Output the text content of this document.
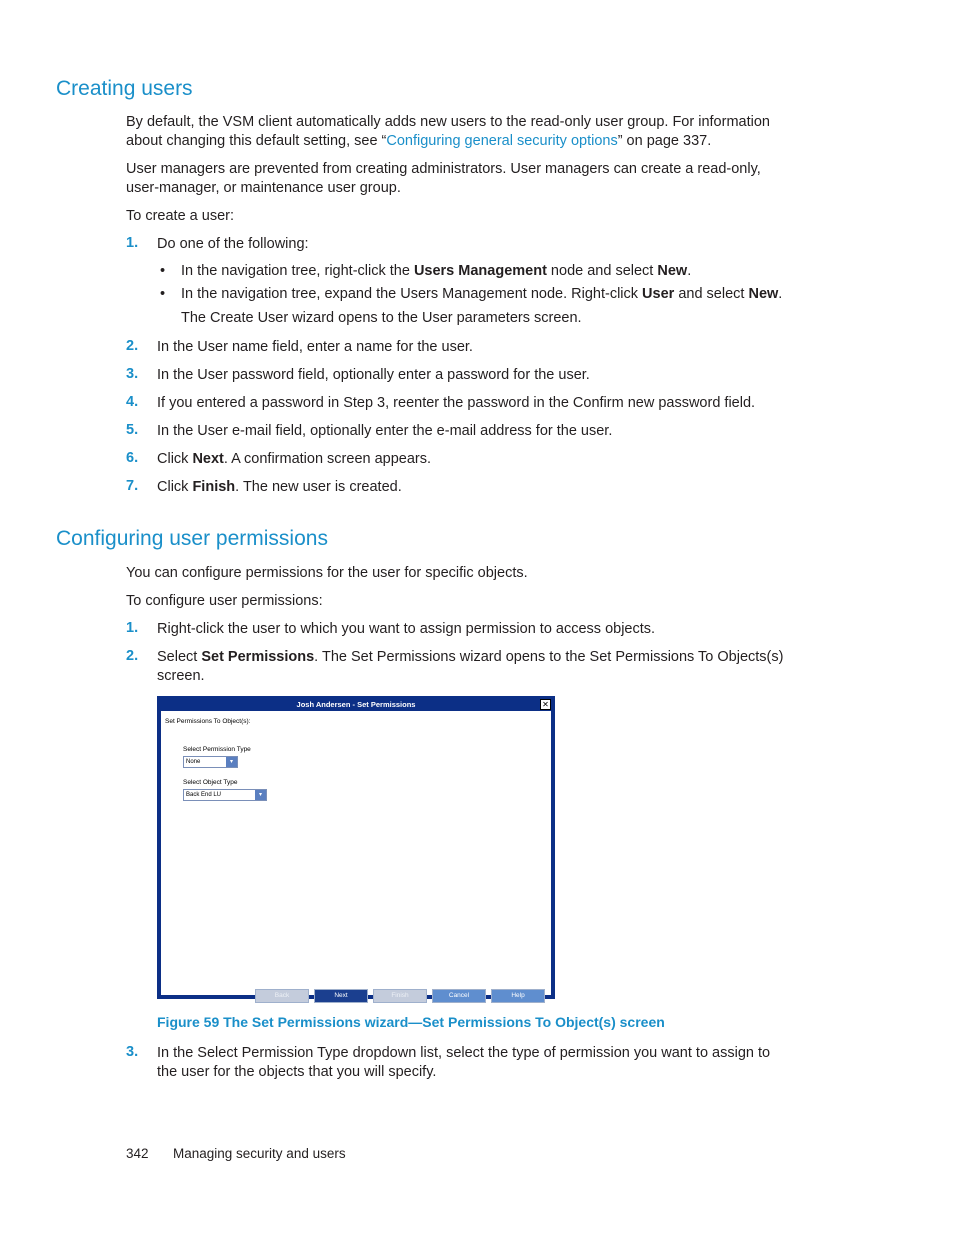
Creating users
By default, the VSM client automatically adds new users to the read-only user group. For information
about changing this default setting, see “Configuring general security options” on page 337.
User managers are prevented from creating administrators. User managers can create a read-only,
user-manager, or maintenance user group.
To create a user:
1. Do one of the following:
• In the navigation tree, right-click the Users Management node and select New.
• In the navigation tree, expand the Users Management node. Right-click User and select New.
The Create User wizard opens to the User parameters screen.
2. In the User name field, enter a name for the user.
3. In the User password field, optionally enter a password for the user.
4. If you entered a password in Step 3, reenter the password in the Confirm new password field.
5. In the User e-mail field, optionally enter the e-mail address for the user.
6. Click Next. A confirmation screen appears.
7. Click Finish. The new user is created.
Configuring user permissions
You can configure permissions for the user for specific objects.
To configure user permissions:
1. Right-click the user to which you want to assign permission to access objects.
2. Select Set Permissions. The Set Permissions wizard opens to the Set Permissions To Objects(s)
screen.
Josh Andersen - Set Permissions	✕
Set Permissions To Object(s):
Select Permission Type
None	▾
Select Object Type
Back End LU	▾
Back	Next	Finish	Cancel	Help
Figure 59 The Set Permissions wizard—Set Permissions To Object(s) screen
3. In the Select Permission Type dropdown list, select the type of permission you want to assign to
the user for the objects that you will specify.
342 Managing security and users
